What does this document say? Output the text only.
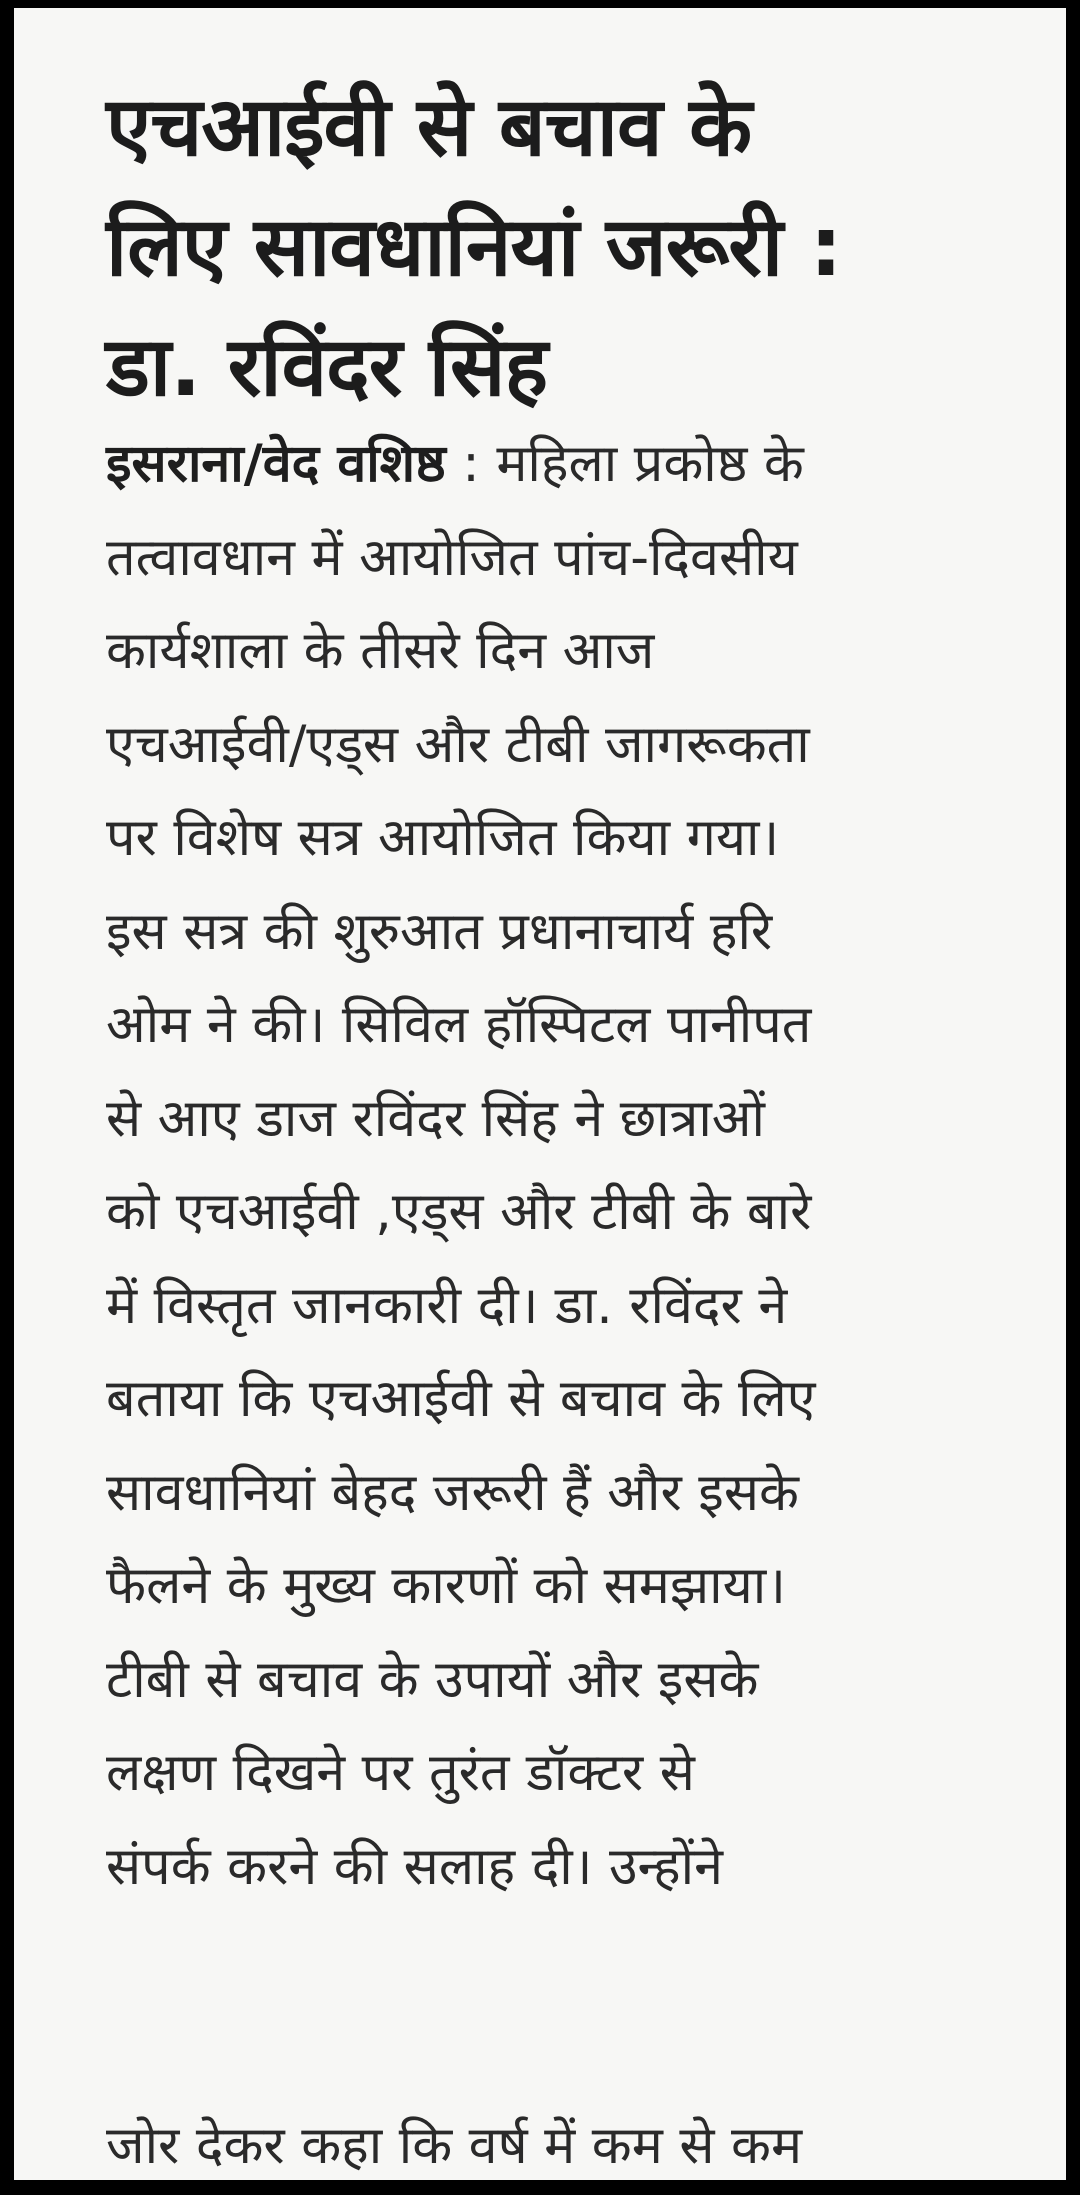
एचआईवी से बचाव के
लिए सावधानियां जरूरी :
डा. रविंदर सिंह
इसराना/वेद वशिष्ठ : महिला प्रकोष्ठ के
तत्वावधान में आयोजित पांच-दिवसीय
कार्यशाला के तीसरे दिन आज
एचआईवी/एड्स और टीबी जागरूकता
पर विशेष सत्र आयोजित किया गया।
इस सत्र की शुरुआत प्रधानाचार्य हरि
ओम ने की। सिविल हॉस्पिटल पानीपत
से आए डाज रविंदर सिंह ने छात्राओं
को एचआईवी ,एड्स और टीबी के बारे
में विस्तृत जानकारी दी। डा. रविंदर ने
बताया कि एचआईवी से बचाव के लिए
सावधानियां बेहद जरूरी हैं और इसके
फैलने के मुख्य कारणों को समझाया।
टीबी से बचाव के उपायों और इसके
लक्षण दिखने पर तुरंत डॉक्टर से
संपर्क करने की सलाह दी। उन्होंने
जोर देकर कहा कि वर्ष में कम से कम
